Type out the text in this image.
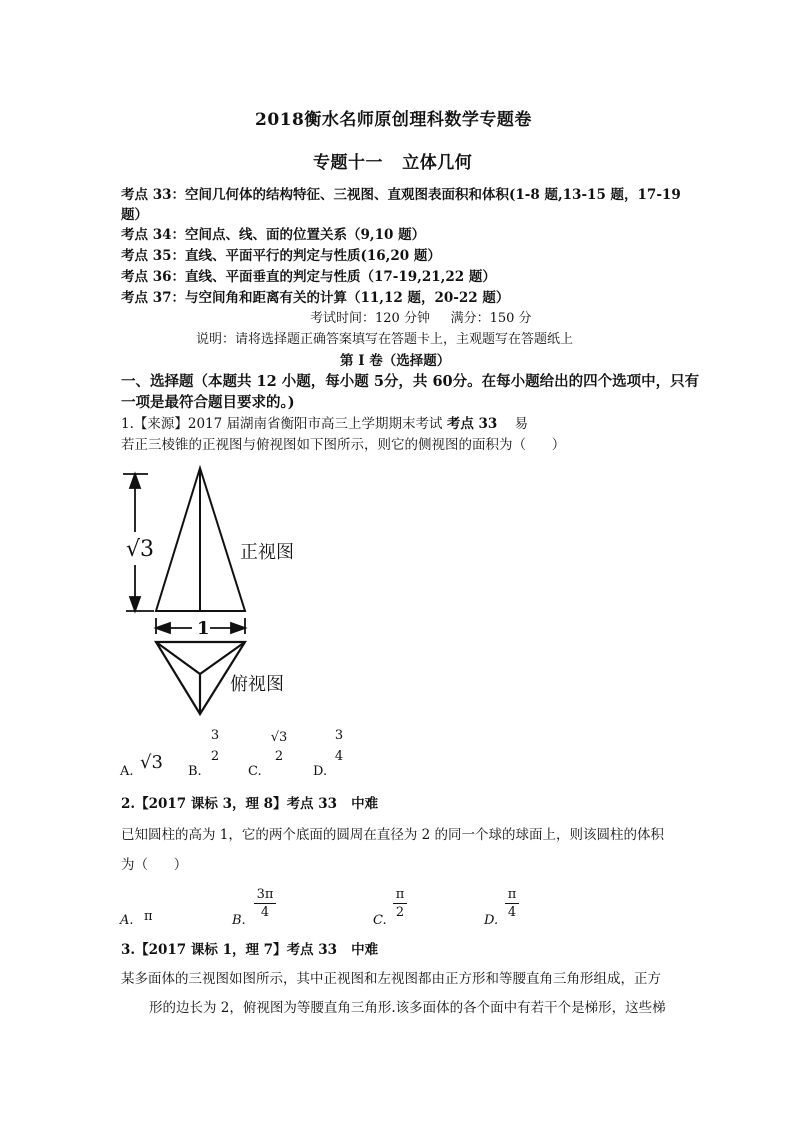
2018衡水名师原创理科数学专题卷
专题十一   立体几何
考点 33：空间几何体的结构特征、三视图、直观图表面积和体积(1-8 题,13-15 题，17-19
题）
考点 34：空间点、线、面的位置关系（9,10 题）
考点 35：直线、平面平行的判定与性质(16,20 题）
考点 36：直线、平面垂直的判定与性质（17-19,21,22 题）
考点 37：与空间角和距离有关的计算（11,12 题，20-22 题）
考试时间：120 分钟     满分：150 分
说明：请将选择题正确答案填写在答题卡上，主观题写在答题纸上
第 I 卷（选择题）
一、选择题（本题共 12 小题，每小题 5分，共 60分。在每小题给出的四个选项中，只有
一项是最符合题目要求的。)
1.【来源】2017 届湖南省衡阳市高三上学期期末考试 考点 33 易
若正三棱锥的正视图与俯视图如下图所示，则它的侧视图的面积为（      ）
√3	正视图
1
俯视图
A. √3 B.
3
2
C.
√3
2
D.
3
4
2.【2017 课标 3，理 8】考点 33   中难
已知圆柱的高为 1，它的两个底面的圆周在直径为 2 的同一个球的球面上，则该圆柱的体积
为（      ）
A. π	B.
3π
4
C.
π
2
D.
π
4
3.【2017 课标 1，理 7】考点 33   中难
某多面体的三视图如图所示，其中正视图和左视图都由正方形和等腰直角三角形组成，正方
形的边长为 2，俯视图为等腰直角三角形.该多面体的各个面中有若干个是梯形，这些梯
